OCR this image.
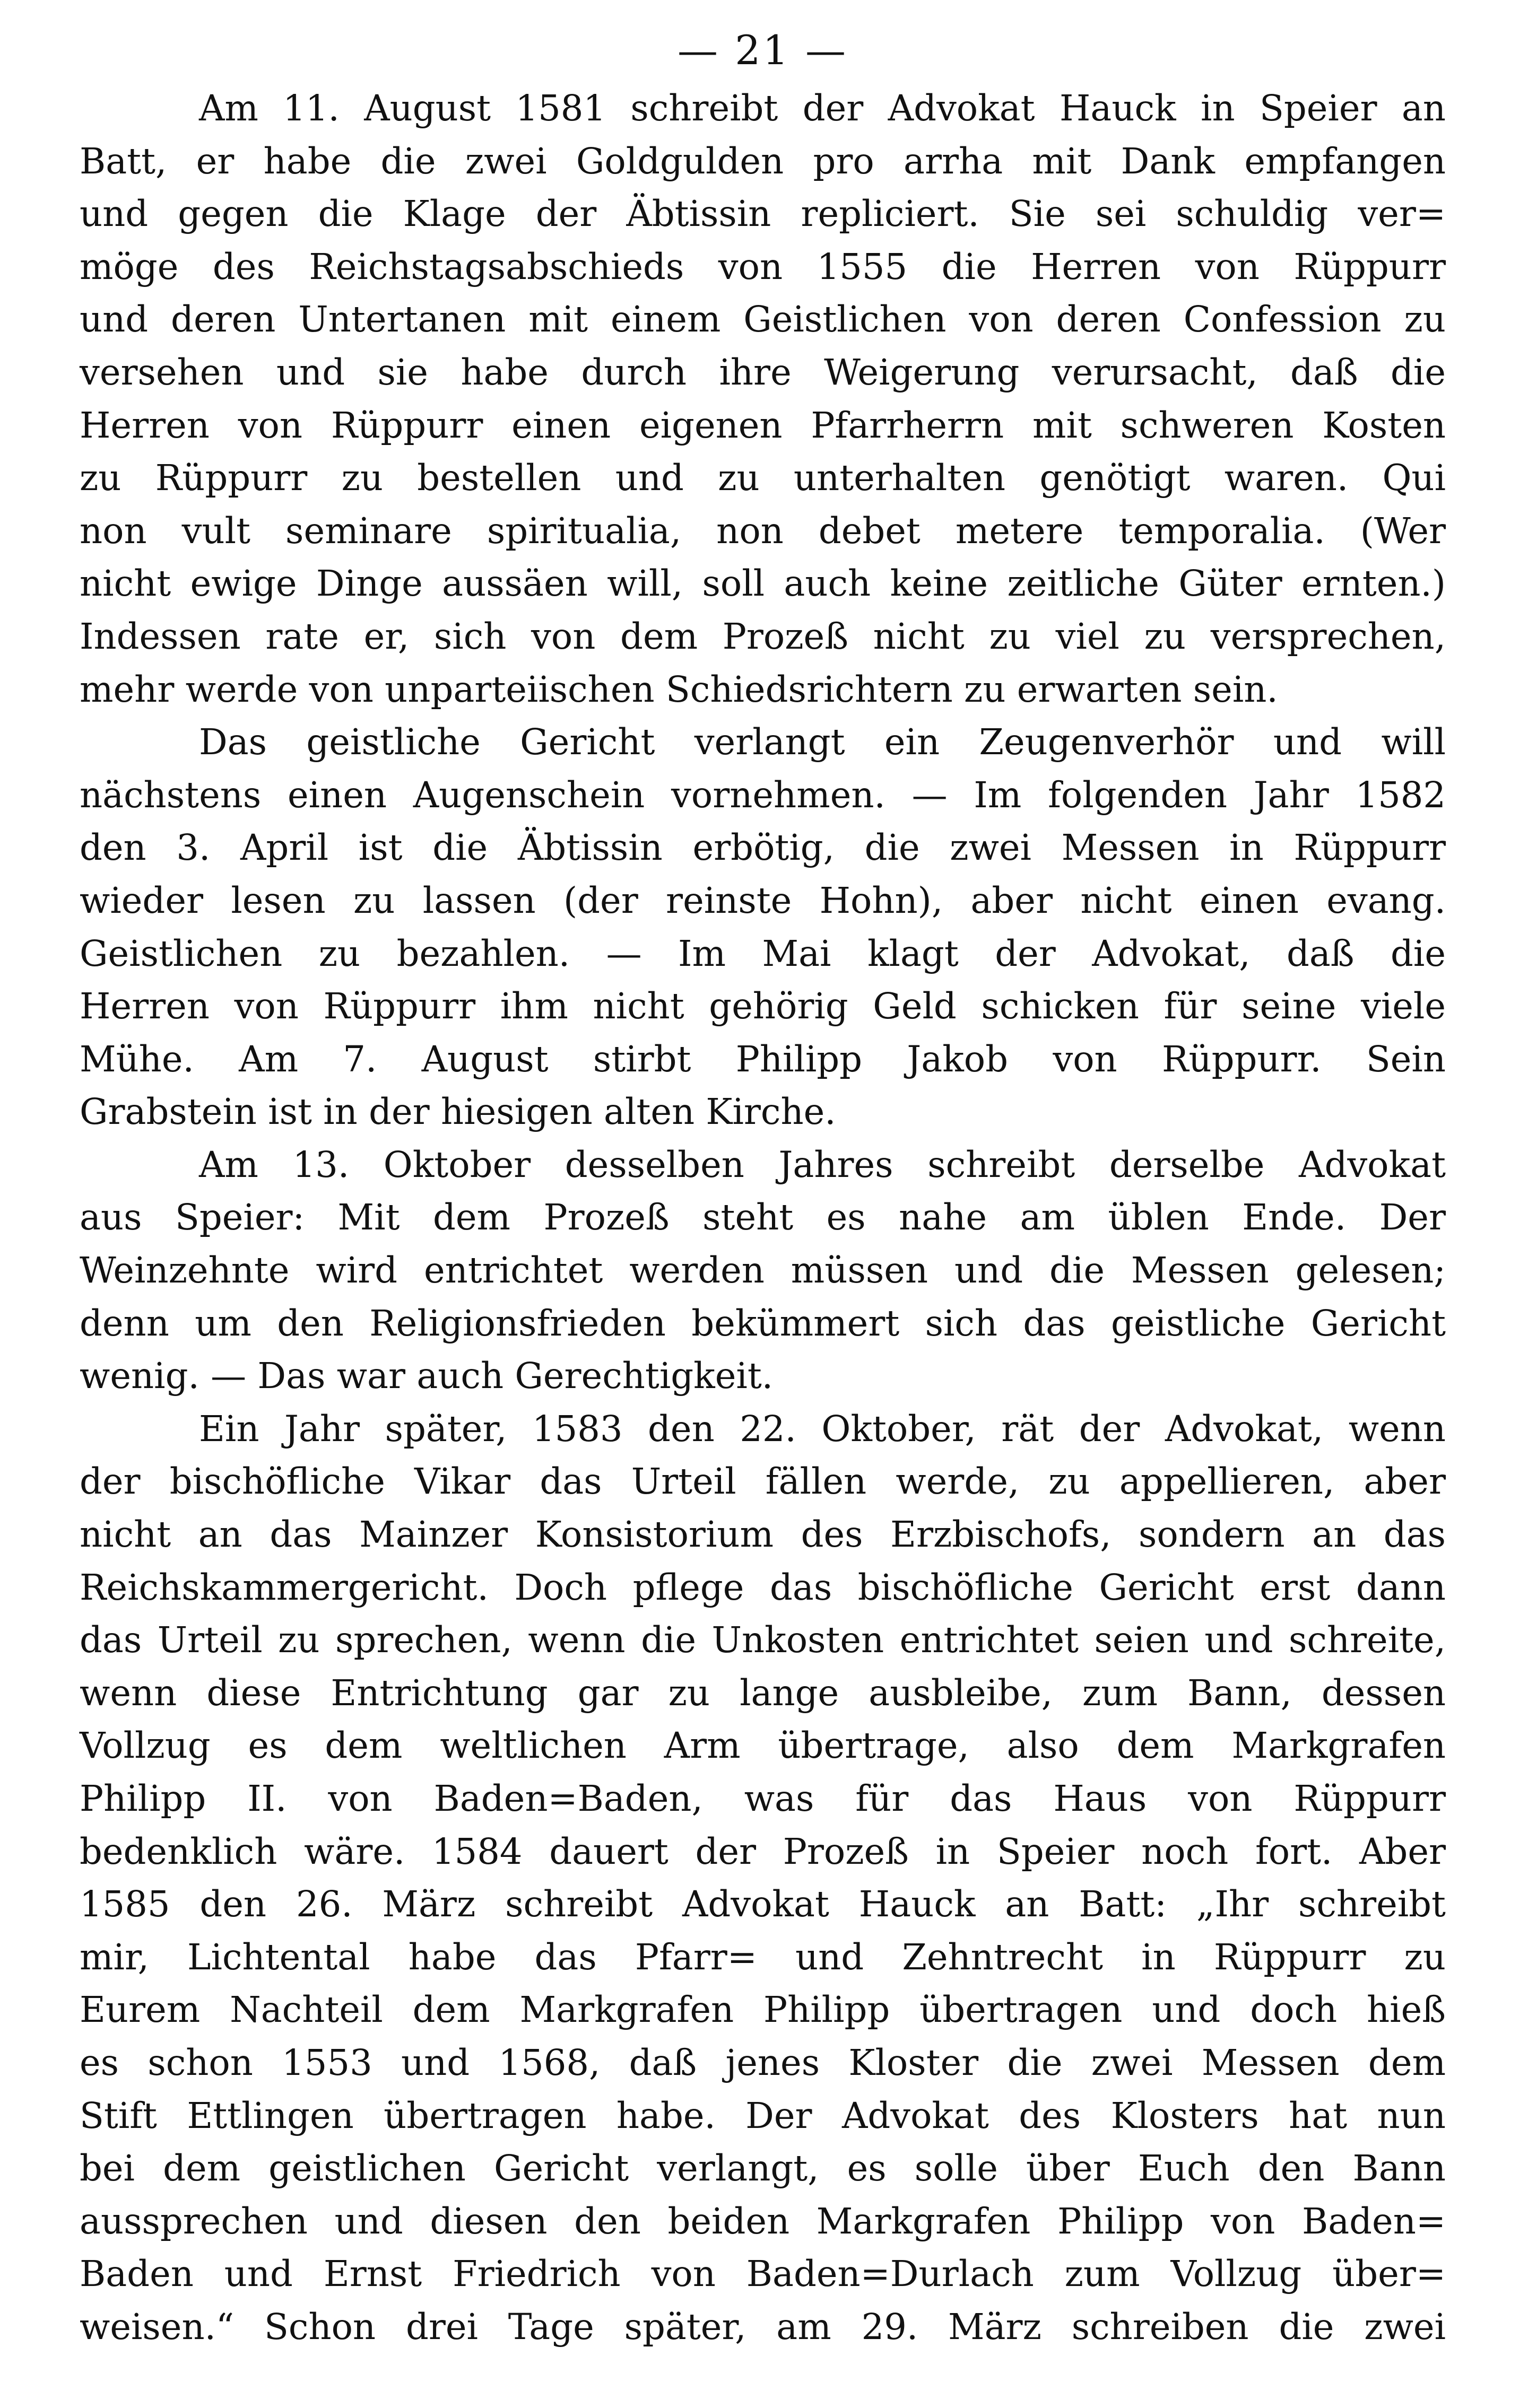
— 21 —
Am 11. August 1581 schreibt der Advokat Hauck in Speier an
Batt, er habe die zwei Goldgulden pro arrha mit Dank empfangen
und gegen die Klage der Äbtissin repliciert. Sie sei schuldig ver=
möge des Reichstagsabschieds von 1555 die Herren von Rüppurr
und deren Untertanen mit einem Geistlichen von deren Confession zu
versehen und sie habe durch ihre Weigerung verursacht, daß die
Herren von Rüppurr einen eigenen Pfarrherrn mit schweren Kosten
zu Rüppurr zu bestellen und zu unterhalten genötigt waren. Qui
non vult seminare spiritualia, non debet metere temporalia. (Wer
nicht ewige Dinge aussäen will, soll auch keine zeitliche Güter ernten.)
Indessen rate er, sich von dem Prozeß nicht zu viel zu versprechen,
mehr werde von unparteiischen Schiedsrichtern zu erwarten sein.
Das geistliche Gericht verlangt ein Zeugenverhör und will
nächstens einen Augenschein vornehmen. — Im folgenden Jahr 1582
den 3. April ist die Äbtissin erbötig, die zwei Messen in Rüppurr
wieder lesen zu lassen (der reinste Hohn), aber nicht einen evang.
Geistlichen zu bezahlen. — Im Mai klagt der Advokat, daß die
Herren von Rüppurr ihm nicht gehörig Geld schicken für seine viele
Mühe. Am 7. August stirbt Philipp Jakob von Rüppurr. Sein
Grabstein ist in der hiesigen alten Kirche.
Am 13. Oktober desselben Jahres schreibt derselbe Advokat
aus Speier: Mit dem Prozeß steht es nahe am üblen Ende. Der
Weinzehnte wird entrichtet werden müssen und die Messen gelesen;
denn um den Religionsfrieden bekümmert sich das geistliche Gericht
wenig. — Das war auch Gerechtigkeit.
Ein Jahr später, 1583 den 22. Oktober, rät der Advokat, wenn
der bischöfliche Vikar das Urteil fällen werde, zu appellieren, aber
nicht an das Mainzer Konsistorium des Erzbischofs, sondern an das
Reichskammergericht. Doch pflege das bischöfliche Gericht erst dann
das Urteil zu sprechen, wenn die Unkosten entrichtet seien und schreite,
wenn diese Entrichtung gar zu lange ausbleibe, zum Bann, dessen
Vollzug es dem weltlichen Arm übertrage, also dem Markgrafen
Philipp II. von Baden=Baden, was für das Haus von Rüppurr
bedenklich wäre. 1584 dauert der Prozeß in Speier noch fort. Aber
1585 den 26. März schreibt Advokat Hauck an Batt: „Ihr schreibt
mir, Lichtental habe das Pfarr= und Zehntrecht in Rüppurr zu
Eurem Nachteil dem Markgrafen Philipp übertragen und doch hieß
es schon 1553 und 1568, daß jenes Kloster die zwei Messen dem
Stift Ettlingen übertragen habe. Der Advokat des Klosters hat nun
bei dem geistlichen Gericht verlangt, es solle über Euch den Bann
aussprechen und diesen den beiden Markgrafen Philipp von Baden=
Baden und Ernst Friedrich von Baden=Durlach zum Vollzug über=
weisen.“ Schon drei Tage später, am 29. März schreiben die zwei
